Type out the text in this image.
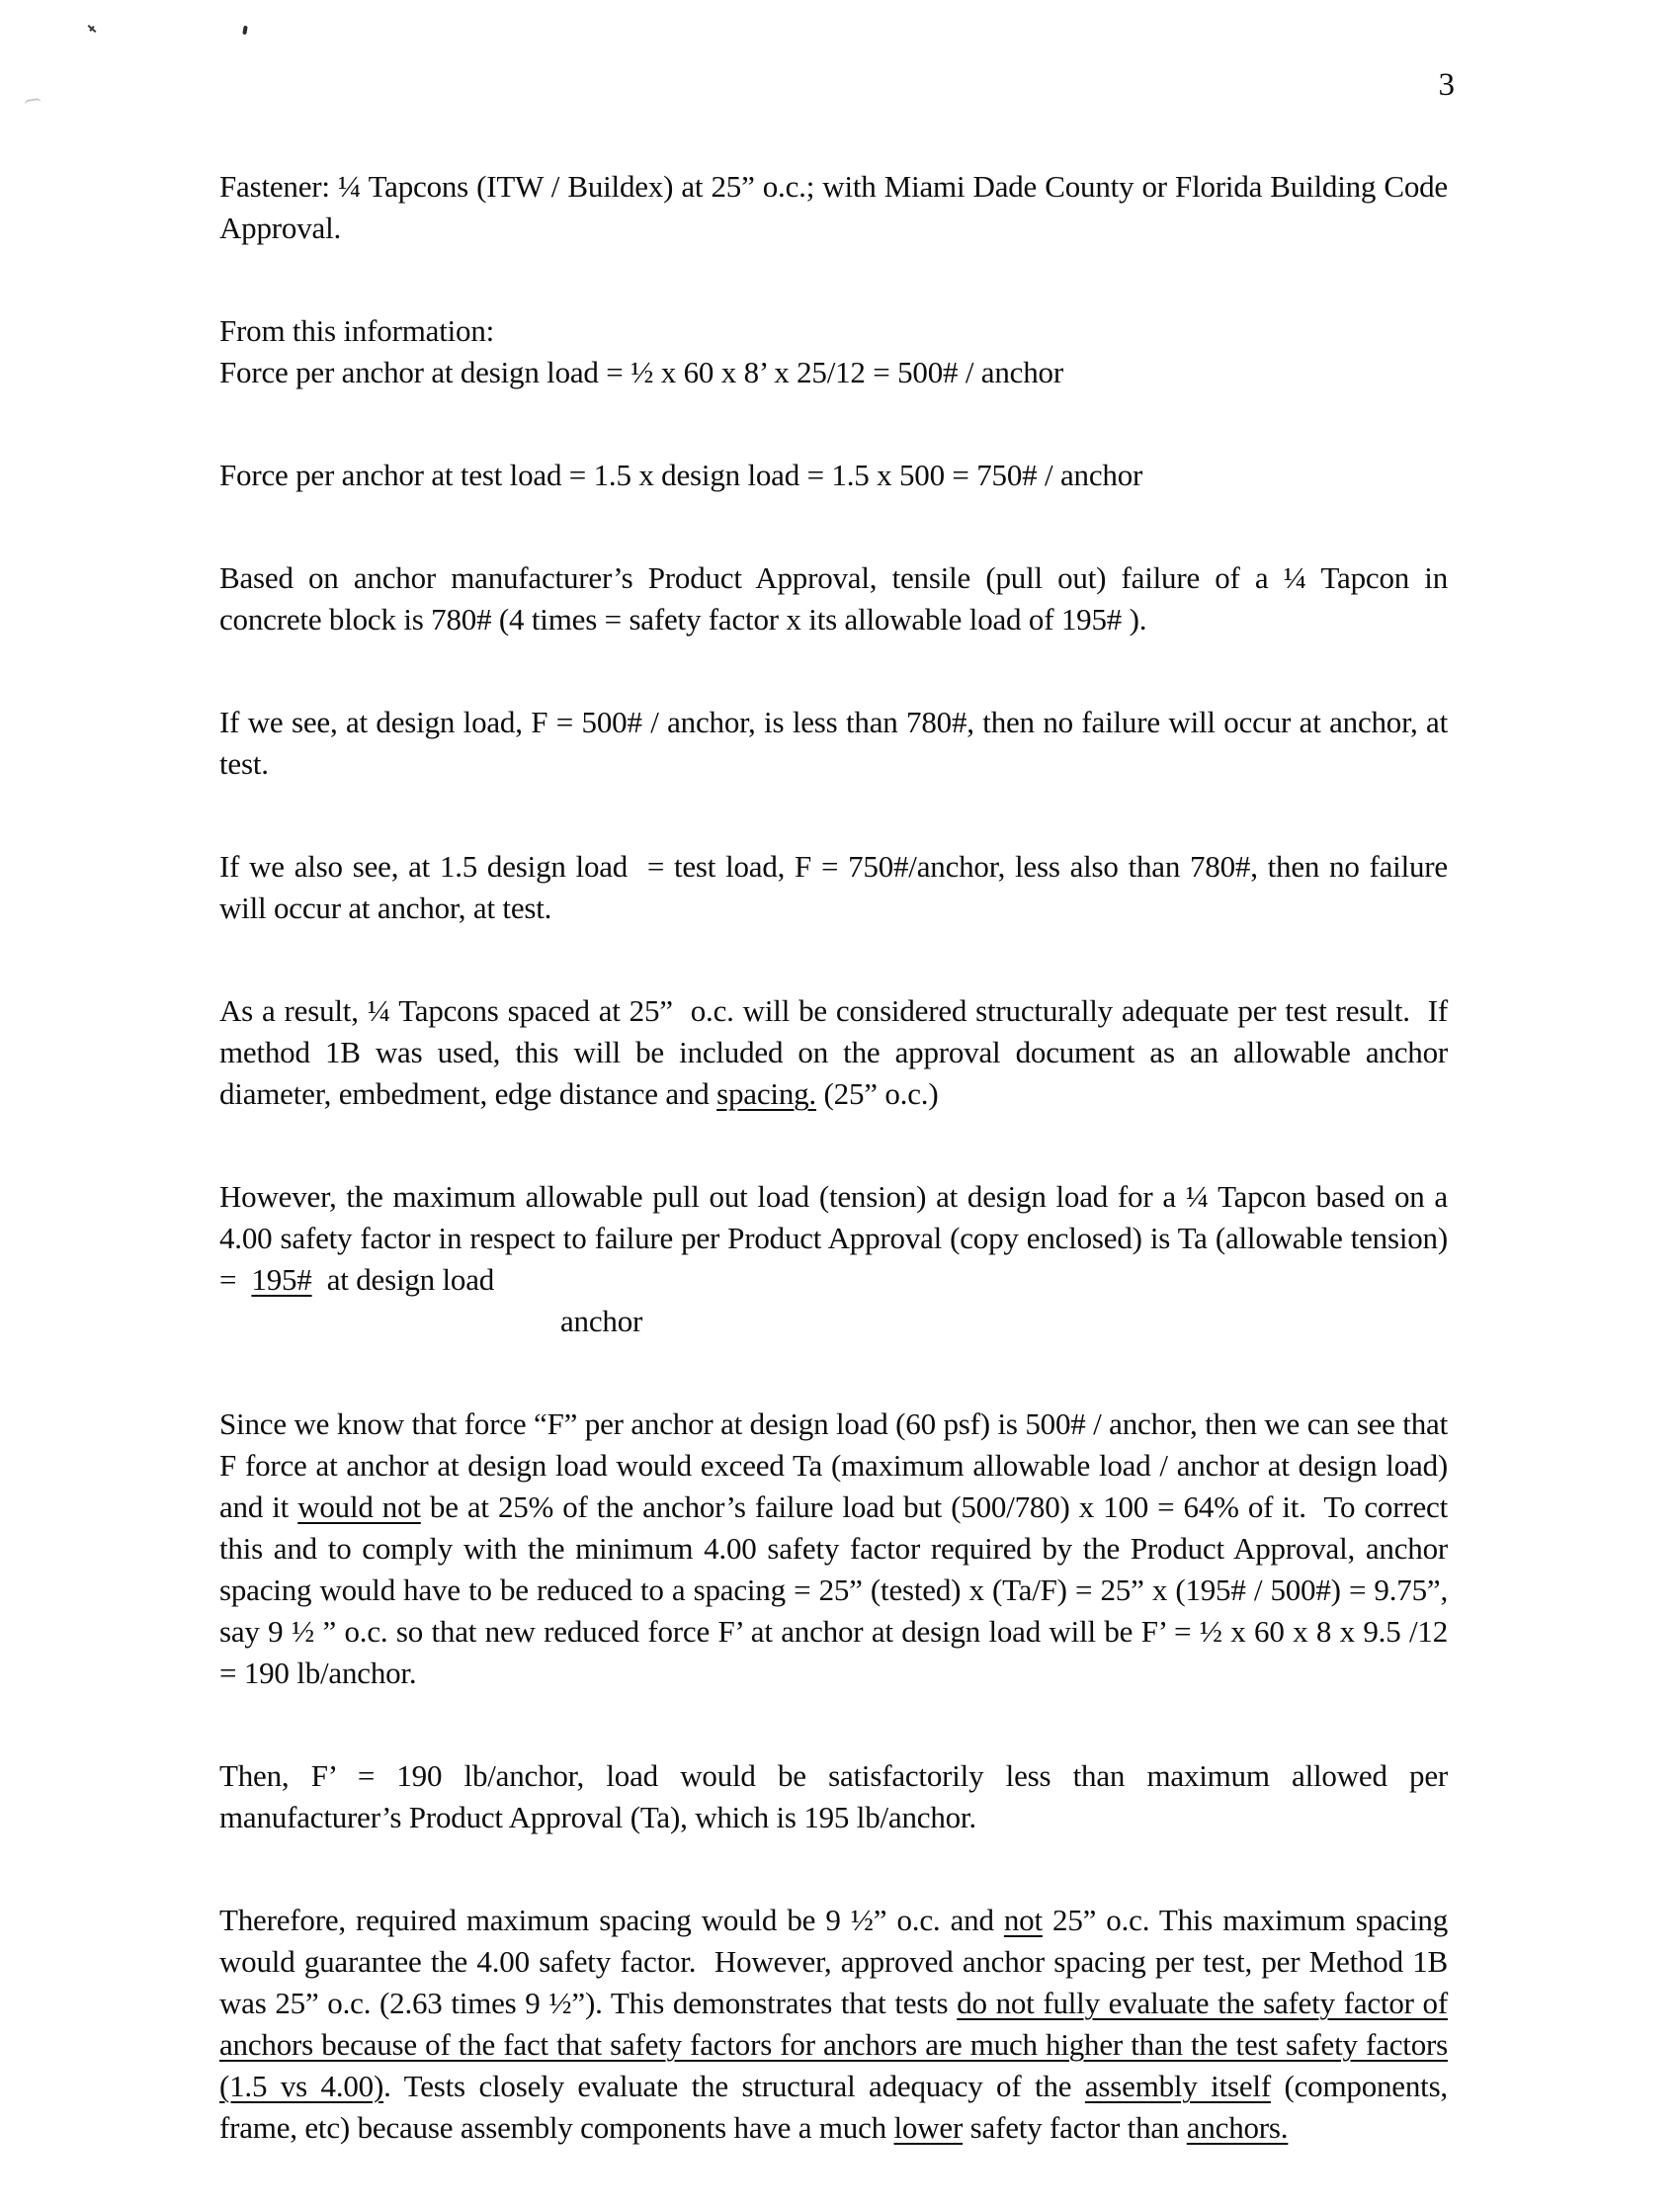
3

Fastener: ¼ Tapcons (ITW / Buildex) at 25” o.c.; with Miami Dade County or Florida Building Code Approval.

From this information:
Force per anchor at design load = ½ x 60 x 8’ x 25/12 = 500# / anchor

Force per anchor at test load = 1.5 x design load = 1.5 x 500 = 750# / anchor

Based on anchor manufacturer’s Product Approval, tensile (pull out) failure of a ¼ Tapcon in concrete block is 780# (4 times = safety factor x its allowable load of 195# ).

If we see, at design load, F = 500# / anchor, is less than 780#, then no failure will occur at anchor, at test.

If we also see, at 1.5 design load  = test load, F = 750#/anchor, less also than 780#, then no failure will occur at anchor, at test.

As a result, ¼ Tapcons spaced at 25”  o.c. will be considered structurally adequate per test result.  If method 1B was used, this will be included on the approval document as an allowable anchor diameter, embedment, edge distance and spacing. (25” o.c.)

However, the maximum allowable pull out load (tension) at design load for a ¼ Tapcon based on a 4.00 safety factor in respect to failure per Product Approval (copy enclosed) is Ta (allowable tension) =  195#  at design load

anchor

Since we know that force “F” per anchor at design load (60 psf) is 500# / anchor, then we can see that F force at anchor at design load would exceed Ta (maximum allowable load / anchor at design load) and it would not be at 25% of the anchor’s failure load but (500/780) x 100 = 64% of it.  To correct this and to comply with the minimum 4.00 safety factor required by the Product Approval, anchor spacing would have to be reduced to a spacing = 25” (tested) x (Ta/F) = 25” x (195# / 500#) = 9.75”, say 9 ½ ” o.c. so that new reduced force F’ at anchor at design load will be F’ = ½ x 60 x 8 x 9.5 /12 = 190 lb/anchor.

Then, F’ = 190 lb/anchor, load would be satisfactorily less than maximum allowed per manufacturer’s Product Approval (Ta), which is 195 lb/anchor.

Therefore, required maximum spacing would be 9 ½” o.c. and not 25” o.c. This maximum spacing would guarantee the 4.00 safety factor.  However, approved anchor spacing per test, per Method 1B was 25” o.c. (2.63 times 9 ½”). This demonstrates that tests do not fully evaluate the safety factor of anchors because of the fact that safety factors for anchors are much higher than the test safety factors (1.5 vs 4.00). Tests closely evaluate the structural adequacy of the assembly itself (components, frame, etc) because assembly components have a much lower safety factor than anchors.
